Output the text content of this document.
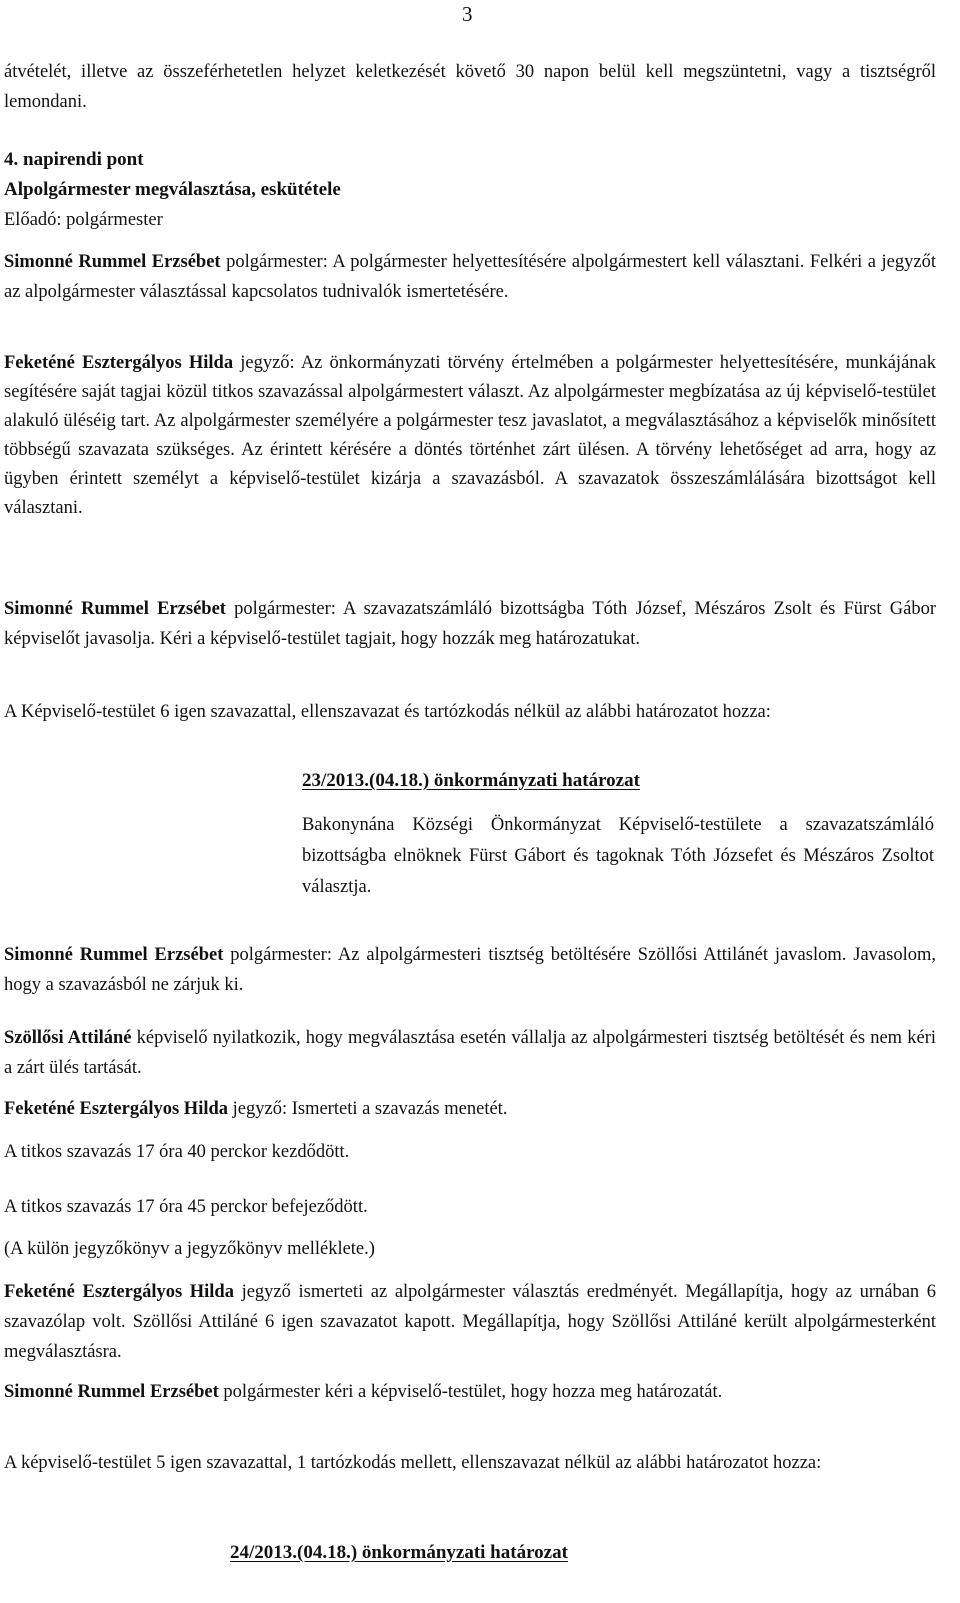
3

átvételét, illetve az összeférhetetlen helyzet keletkezését követő 30 napon belül kell megszüntetni, vagy a tisztségről lemondani.

4. napirendi pont
Alpolgármester megválasztása, eskütétele
Előadó: polgármester

Simonné Rummel Erzsébet polgármester: A polgármester helyettesítésére alpolgármestert kell választani. Felkéri a jegyzőt az alpolgármester választással kapcsolatos tudnivalók ismertetésére.

Feketéné Esztergályos Hilda jegyző: Az önkormányzati törvény értelmében a polgármester helyettesítésére, munkájának segítésére saját tagjai közül titkos szavazással alpolgármestert választ. Az alpolgármester megbízatása az új képviselő-testület alakuló üléséig tart. Az alpolgármester személyére a polgármester tesz javaslatot, a megválasztásához a képviselők minősített többségű szavazata szükséges. Az érintett kérésére a döntés történhet zárt ülésen. A törvény lehetőséget ad arra, hogy az ügyben érintett személyt a képviselő-testület kizárja a szavazásból. A szavazatok összeszámlálására bizottságot kell választani.

Simonné Rummel Erzsébet polgármester: A szavazatszámláló bizottságba Tóth József, Mészáros Zsolt és Fürst Gábor képviselőt javasolja. Kéri a képviselő-testület tagjait, hogy hozzák meg határozatukat.

A Képviselő-testület 6 igen szavazattal, ellenszavazat és tartózkodás nélkül az alábbi határozatot hozza:

23/2013.(04.18.) önkormányzati határozat

Bakonynána Községi Önkormányzat Képviselő-testülete a szavazatszámláló bizottságba elnöknek Fürst Gábort és tagoknak Tóth Józsefet és Mészáros Zsoltot választja.

Simonné Rummel Erzsébet polgármester: Az alpolgármesteri tisztség betöltésére Szöllősi Attilánét javaslom. Javasolom, hogy a szavazásból ne zárjuk ki.

Szöllősi Attiláné képviselő nyilatkozik, hogy megválasztása esetén vállalja az alpolgármesteri tisztség betöltését és nem kéri a zárt ülés tartását.

Feketéné Esztergályos Hilda jegyző: Ismerteti a szavazás menetét.

A titkos szavazás 17 óra 40 perckor kezdődött.

A titkos szavazás 17 óra 45 perckor befejeződött.

(A külön jegyzőkönyv a jegyzőkönyv melléklete.)

Feketéné Esztergályos Hilda jegyző ismerteti az alpolgármester választás eredményét. Megállapítja, hogy az urnában 6 szavazólap volt. Szöllősi Attiláné 6 igen szavazatot kapott. Megállapítja, hogy Szöllősi Attiláné került alpolgármesterként megválasztásra.

Simonné Rummel Erzsébet polgármester kéri a képviselő-testület, hogy hozza meg határozatát.

A képviselő-testület 5 igen szavazattal, 1 tartózkodás mellett, ellenszavazat nélkül az alábbi határozatot hozza:

24/2013.(04.18.) önkormányzati határozat
